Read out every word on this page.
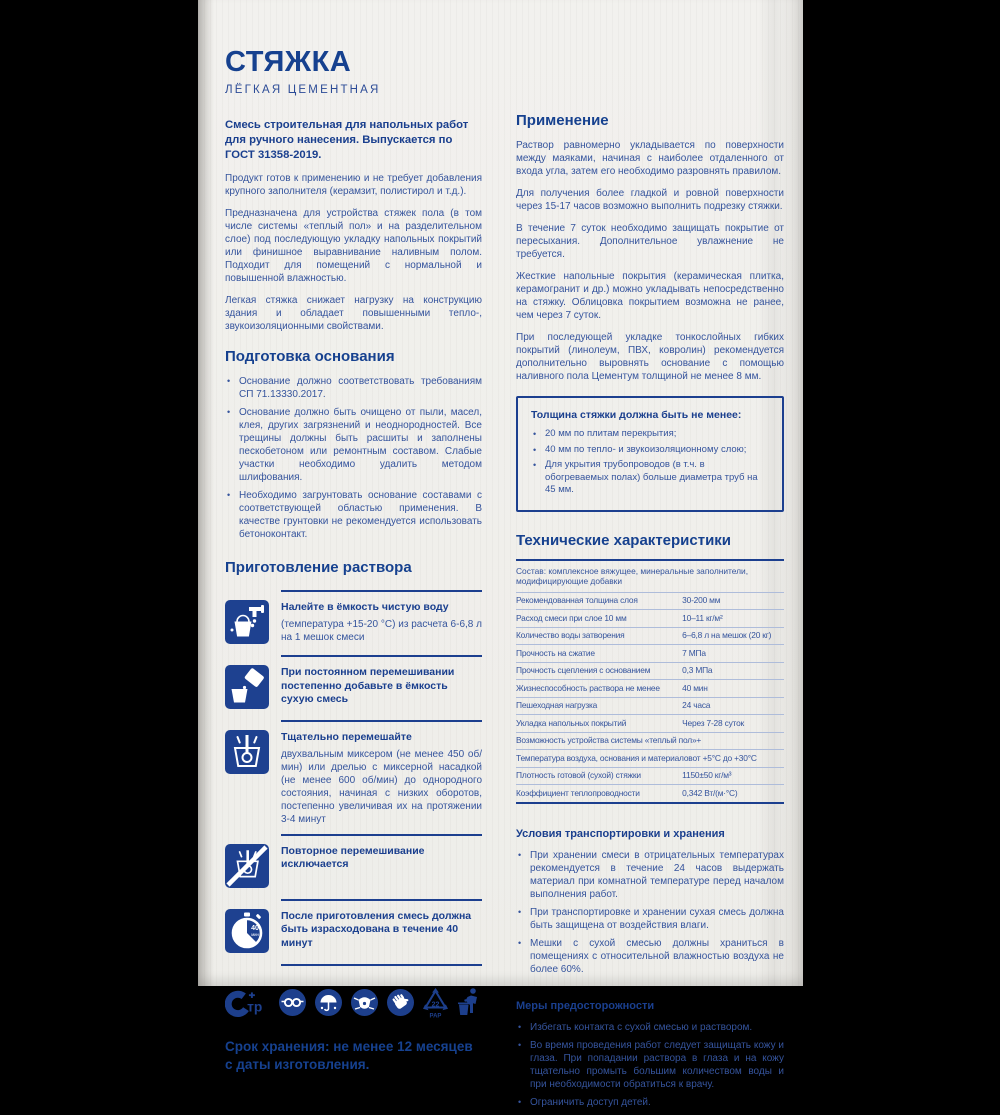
СТЯЖКА
ЛЁГКАЯ ЦЕМЕНТНАЯ

Смесь строительная для напольных работ для ручного нанесения. Выпускается по ГОСТ 31358-2019.

Продукт готов к применению и не требует добавления крупного заполнителя (керамзит, полистирол и т.д.).

Предназначена для устройства стяжек пола (в том числе системы «теплый пол» и на разделительном слое) под последующую укладку напольных покрытий или финишное выравнивание наливным полом. Подходит для помещений с нормальной и повышенной влажностью.

Легкая стяжка снижает нагрузку на конструкцию здания и обладает повышенными тепло-, звукоизоляционными свойствами.

Подготовка основания
• Основание должно соответствовать требованиям СП 71.13330.2017.
• Основание должно быть очищено от пыли, масел, клея, других загрязнений и неоднородностей. Все трещины должны быть расшиты и заполнены пескобетоном или ремонтным составом. Слабые участки необходимо удалить методом шлифования.
• Необходимо загрунтовать основание составами с соответствующей областью применения. В качестве грунтовки не рекомендуется использовать бетоноконтакт.
Приготовление раствора
Налейте в ёмкость чистую воду
(температура +15-20 °С) из расчета 6-6,8 л на 1 мешок смеси
При постоянном перемешивании постепенно добавьте в ёмкость сухую смесь
Тщательно перемешайте
двухвальным миксером (не менее 450 об/мин) или дрелью с миксерной насадкой (не менее 600 об/мин) до однородного состояния, начиная с низких оборотов, постепенно увеличивая их на протяжении 3-4 минут
Повторное перемешивание исключается
40
мин
После приготовления смесь должна быть израсходована в течение 40 минут
тр	22
PAP

Срок хранения: не менее 12 месяцев с даты изготовления.

Применение

Раствор равномерно укладывается по поверхности между маяками, начиная с наиболее отдаленного от входа угла, затем его необходимо разровнять правилом.

Для получения более гладкой и ровной поверхности через 15-17 часов возможно выполнить подрезку стяжки.

В течение 7 суток необходимо защищать покрытие от пересыхания. Дополнительное увлажнение не требуется.

Жесткие напольные покрытия (керамическая плитка, керамогранит и др.) можно укладывать непосредственно на стяжку. Облицовка покрытием возможна не ранее, чем через 7 суток.

При последующей укладке тонкослойных гибких покрытий (линолеум, ПВХ, ковролин) рекомендуется дополнительно выровнять основание с помощью наливного пола Цементум толщиной не менее 8 мм.

Толщина стяжки должна быть не менее:
• 20 мм по плитам перекрытия;
• 40 мм по тепло- и звукоизоляционному слою;
• Для укрытия трубопроводов (в т.ч. в обогреваемых полах) больше диаметра труб на 45 мм.
Технические характеристики
Состав: комплексное вяжущее, минеральные заполнители, модифицирующие добавки
Рекомендованная толщина слоя	30-200 мм
Расход смеси при слое 10 мм	10–11 кг/м²
Количество воды затворения	6–6,8 л на мешок (20 кг)
Прочность на сжатие	7 МПа
Прочность сцепления с основанием	0,3 МПа
Жизнеспособность раствора не менее	40 мин
Пешеходная нагрузка	24 часа
Укладка напольных покрытий	Через 7-28 суток
Возможность устройства системы «теплый пол» +
Температура воздуха, основания и материалов от +5°С до +30°С
Плотность готовой (сухой) стяжки	1150±50 кг/м³
Коэффициент теплопроводности	0,342 Вт/(м·°С)
Условия транспортировки и хранения
• При хранении смеси в отрицательных температурах рекомендуется в течение 24 часов выдержать материал при комнатной температуре перед началом выполнения работ.
• При транспортировке и хранении сухая смесь должна быть защищена от воздействия влаги.
• Мешки с сухой смесью должны храниться в помещениях с относительной влажностью воздуха не более 60%.
Меры предосторожности
• Избегать контакта с сухой смесью и раствором.
• Во время проведения работ следует защищать кожу и глаза. При попадании раствора в глаза и на кожу тщательно промыть большим количеством воды и при необходимости обратиться к врачу.
• Ограничить доступ детей.
